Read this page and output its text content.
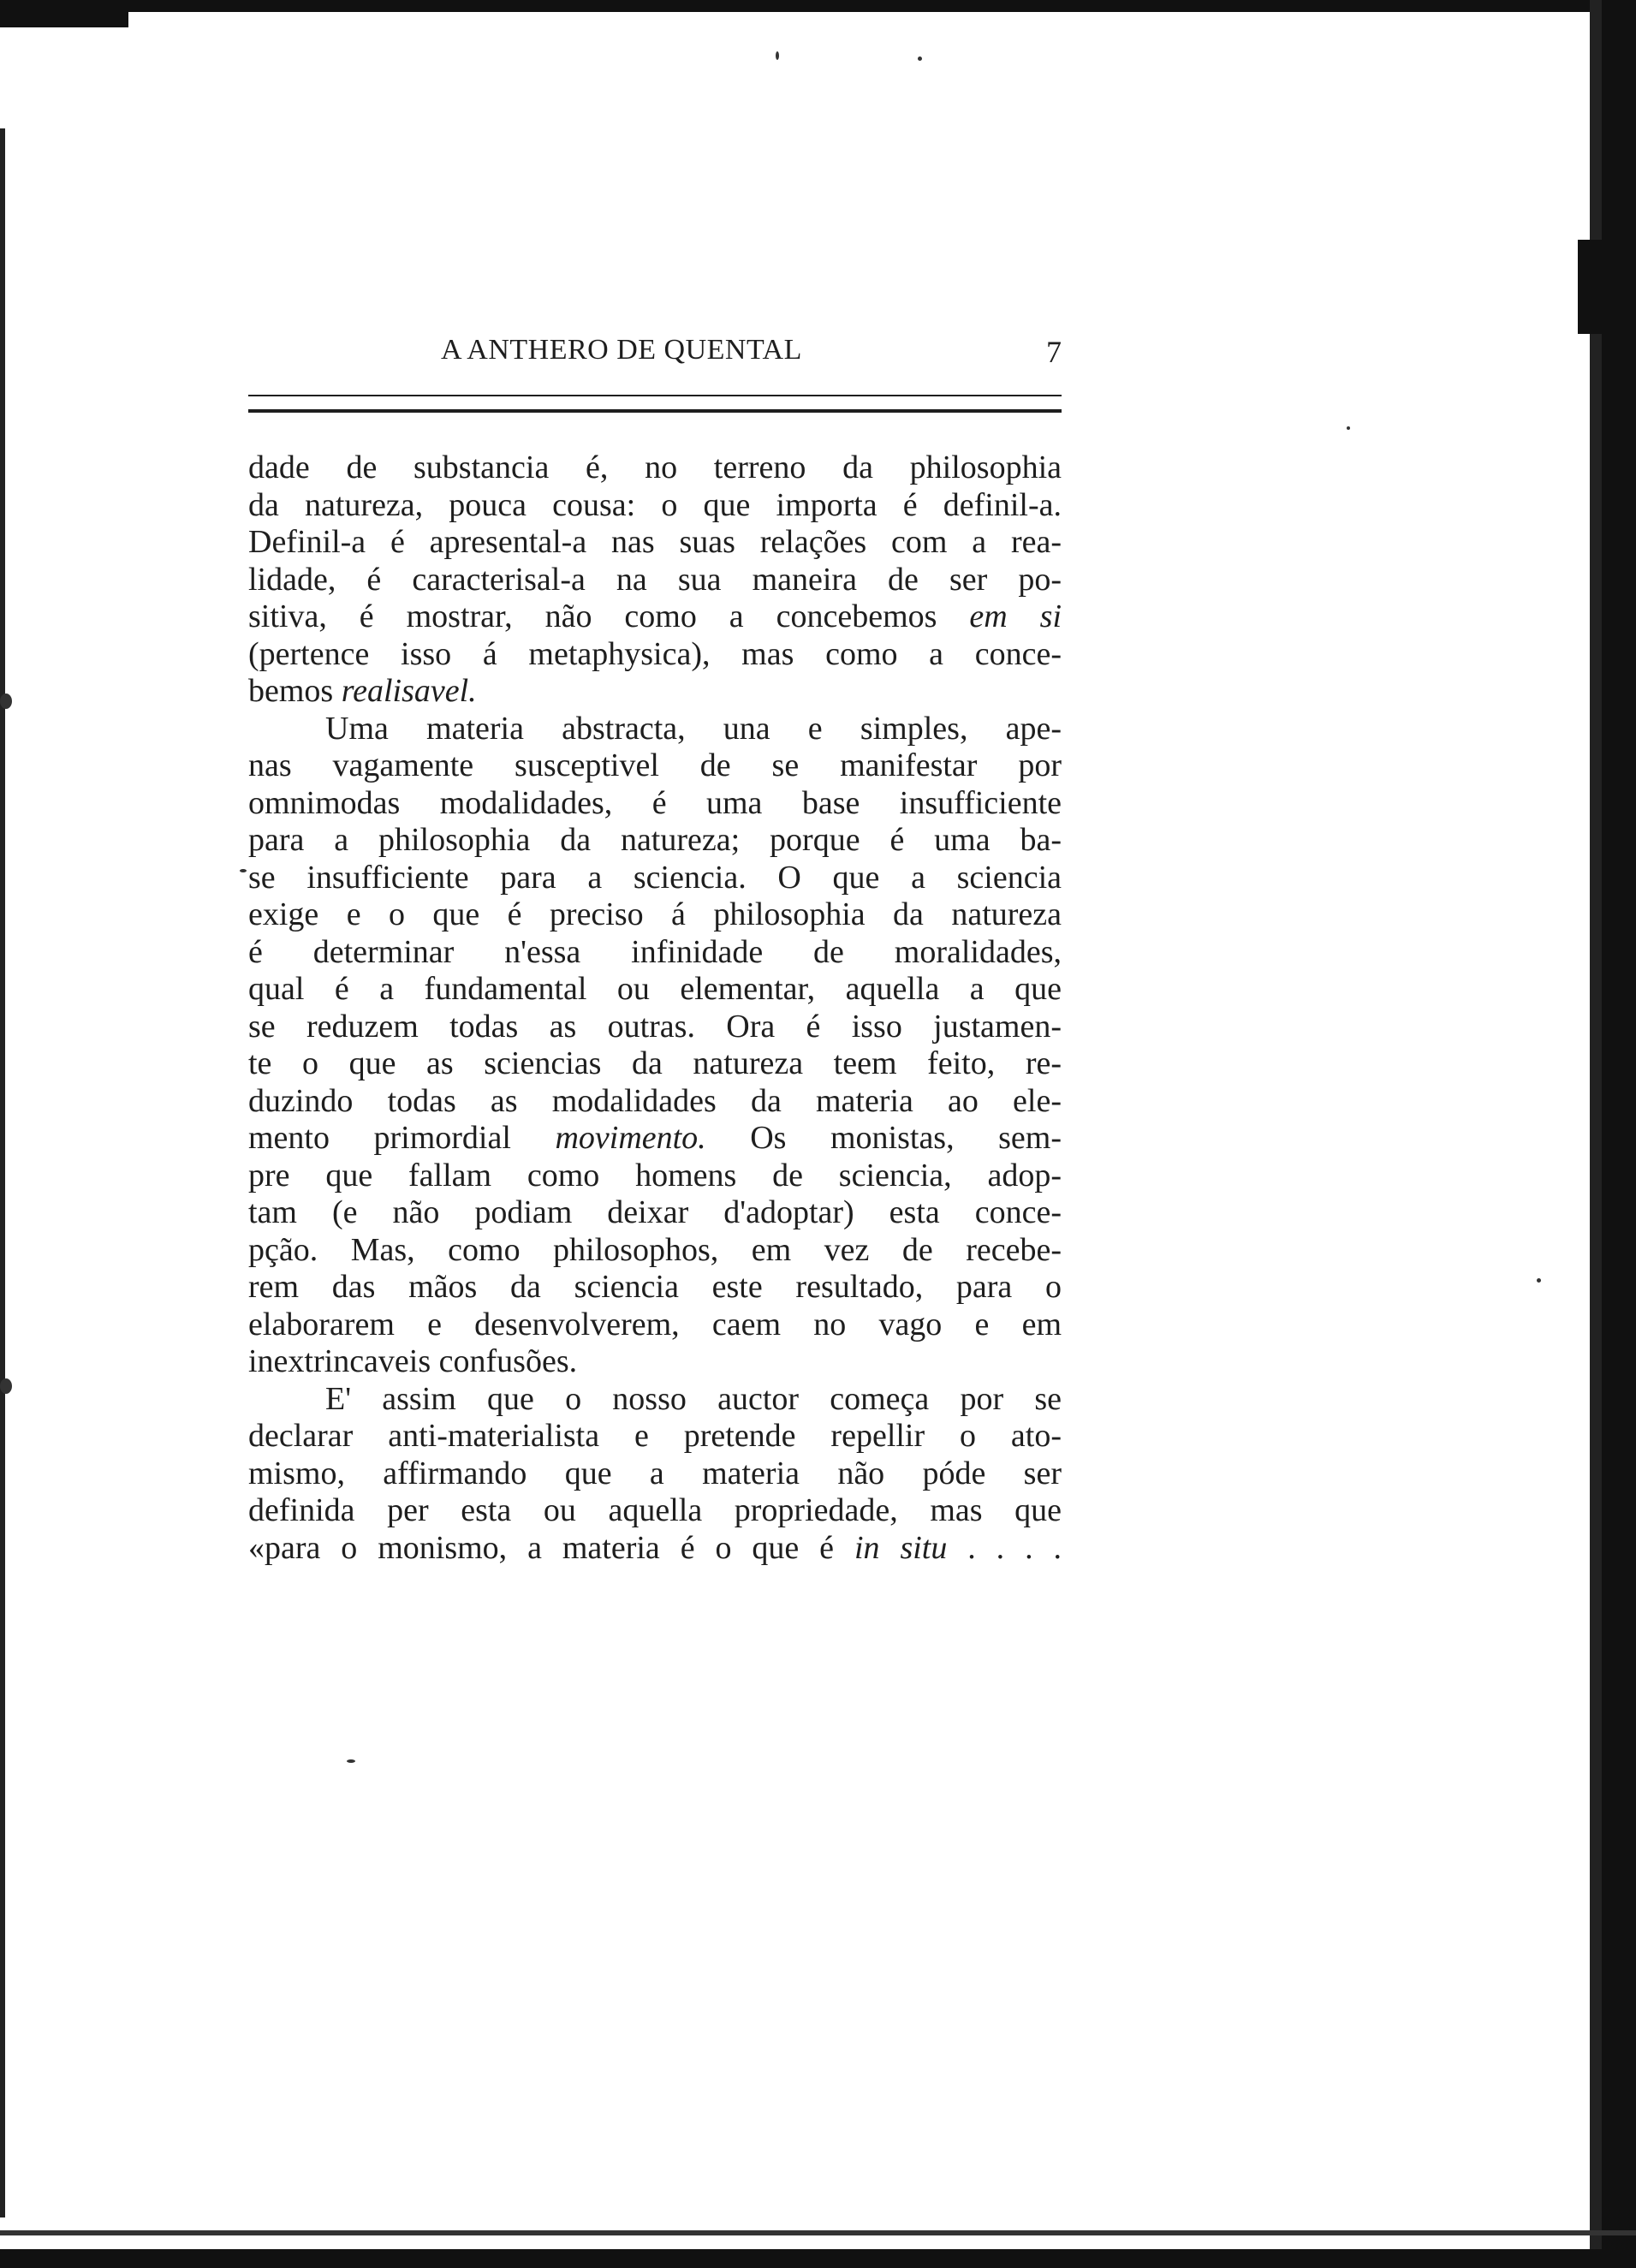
A ANTHERO DE QUENTAL	7
dade de substancia é, no terreno da philosophia
da natureza, pouca cousa: o que importa é definil-a.
Definil-a é apresental-a nas suas relações com a rea-
lidade, é caracterisal-a na sua maneira de ser po-
sitiva, é mostrar, não como a concebemos em si
(pertence isso á metaphysica), mas como a conce-
bemos realisavel.
Uma materia abstracta, una e simples, ape-
nas vagamente susceptivel de se manifestar por
omnimodas modalidades, é uma base insufficiente
para a philosophia da natureza; porque é uma ba-
se insufficiente para a sciencia. O que a sciencia
exige e o que é preciso á philosophia da natureza
é determinar n'essa infinidade de moralidades,
qual é a fundamental ou elementar, aquella a que
se reduzem todas as outras. Ora é isso justamen-
te o que as sciencias da natureza teem feito, re-
duzindo todas as modalidades da materia ao ele-
mento primordial movimento. Os monistas, sem-
pre que fallam como homens de sciencia, adop-
tam (e não podiam deixar d'adoptar) esta conce-
pção. Mas, como philosophos, em vez de recebe-
rem das mãos da sciencia este resultado, para o
elaborarem e desenvolverem, caem no vago e em
inextrincaveis confusões.
E' assim que o nosso auctor começa por se
declarar anti-materialista e pretende repellir o ato-
mismo, affirmando que a materia não póde ser
definida per esta ou aquella propriedade, mas que
«para o monismo, a materia é o que é in situ . . . .
